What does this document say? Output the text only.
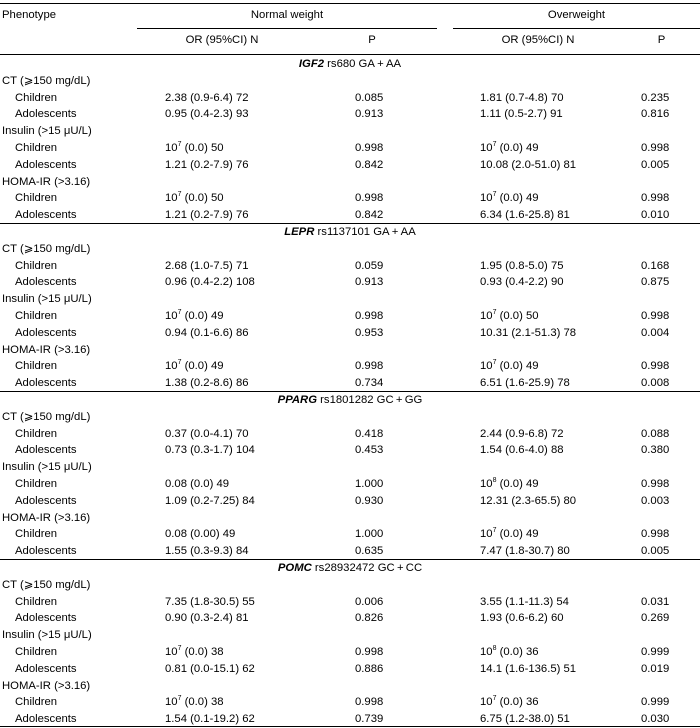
Phenotype	Normal weight	Overweight
OR (95%CI) N	P	OR (95%CI) N	P
IGF2 rs680 GA + AA
CT (⩾150 mg/dL)
Children	2.38 (0.9-6.4) 72	0.085	1.81 (0.7-4.8) 70	0.235
Adolescents	0.95 (0.4-2.3) 93	0.913	1.11 (0.5-2.7) 91	0.816
Insulin (>15 μU/L)
Children	$10^7$ (0.0) 50	0.998	$10^7$ (0.0) 49	0.998
Adolescents	1.21 (0.2-7.9) 76	0.842	10.08 (2.0-51.0) 81	0.005
HOMA-IR (>3.16)
Children	$10^7$ (0.0) 50	0.998	$10^7$ (0.0) 49	0.998
Adolescents	1.21 (0.2-7.9) 76	0.842	6.34 (1.6-25.8) 81	0.010
LEPR rs1137101 GA + AA
CT (⩾150 mg/dL)
Children	2.68 (1.0-7.5) 71	0.059	1.95 (0.8-5.0) 75	0.168
Adolescents	0.96 (0.4-2.2) 108	0.913	0.93 (0.4-2.2) 90	0.875
Insulin (>15 μU/L)
Children	$10^7$ (0.0) 49	0.998	$10^7$ (0.0) 50	0.998
Adolescents	0.94 (0.1-6.6) 86	0.953	10.31 (2.1-51.3) 78	0.004
HOMA-IR (>3.16)
Children	$10^7$ (0.0) 49	0.998	$10^7$ (0.0) 49	0.998
Adolescents	1.38 (0.2-8.6) 86	0.734	6.51 (1.6-25.9) 78	0.008
PPARG rs1801282 GC + GG
CT (⩾150 mg/dL)
Children	0.37 (0.0-4.1) 70	0.418	2.44 (0.9-6.8) 72	0.088
Adolescents	0.73 (0.3-1.7) 104	0.453	1.54 (0.6-4.0) 88	0.380
Insulin (>15 μU/L)
Children	0.08 (0.0) 49	1.000	$10^8$ (0.0) 49	0.998
Adolescents	1.09 (0.2-7.25) 84	0.930	12.31 (2.3-65.5) 80	0.003
HOMA-IR (>3.16)
Children	0.08 (0.00) 49	1.000	$10^7$ (0.0) 49	0.998
Adolescents	1.55 (0.3-9.3) 84	0.635	7.47 (1.8-30.7) 80	0.005
POMC rs28932472 GC + CC
CT (⩾150 mg/dL)
Children	7.35 (1.8-30.5) 55	0.006	3.55 (1.1-11.3) 54	0.031
Adolescents	0.90 (0.3-2.4) 81	0.826	1.93 (0.6-6.2) 60	0.269
Insulin (>15 μU/L)
Children	$10^7$ (0.0) 38	0.998	$10^8$ (0.0) 36	0.999
Adolescents	0.81 (0.0-15.1) 62	0.886	14.1 (1.6-136.5) 51	0.019
HOMA-IR (>3.16)
Children	$10^7$ (0.0) 38	0.998	$10^7$ (0.0) 36	0.999
Adolescents	1.54 (0.1-19.2) 62	0.739	6.75 (1.2-38.0) 51	0.030
